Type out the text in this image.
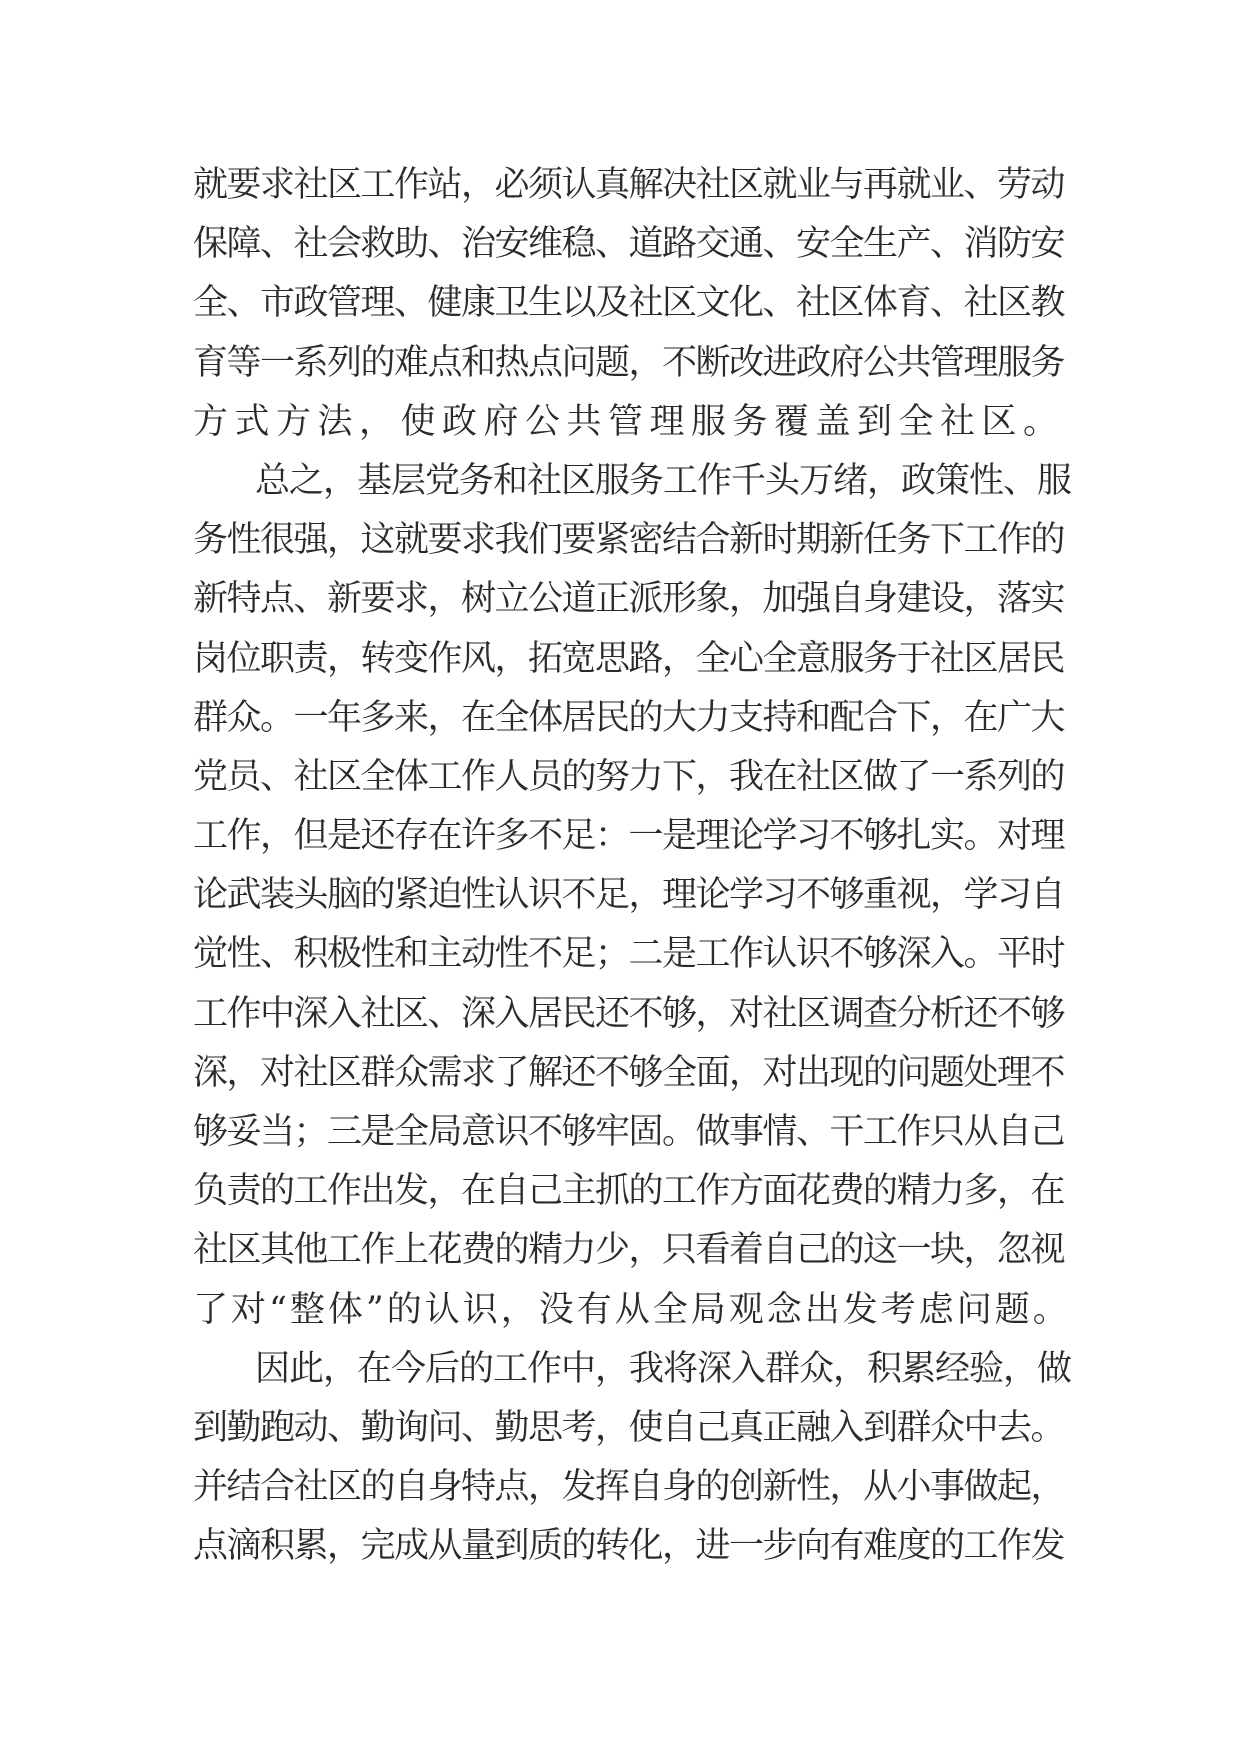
就要求社区工作站，必须认真解决社区就业与再就业、劳动
保障、社会救助、治安维稳、道路交通、安全生产、消防安
全、市政管理、健康卫生以及社区文化、社区体育、社区教
育等一系列的难点和热点问题，不断改进政府公共管理服务
方式方法，使政府公共管理服务覆盖到全社区。
总之，基层党务和社区服务工作千头万绪，政策性、服
务性很强，这就要求我们要紧密结合新时期新任务下工作的
新特点、新要求，树立公道正派形象，加强自身建设，落实
岗位职责，转变作风，拓宽思路，全心全意服务于社区居民
群众。一年多来，在全体居民的大力支持和配合下，在广大
党员、社区全体工作人员的努力下，我在社区做了一系列的
工作，但是还存在许多不足：一是理论学习不够扎实。对理
论武装头脑的紧迫性认识不足，理论学习不够重视，学习自
觉性、积极性和主动性不足；二是工作认识不够深入。平时
工作中深入社区、深入居民还不够，对社区调查分析还不够
深，对社区群众需求了解还不够全面，对出现的问题处理不
够妥当；三是全局意识不够牢固。做事情、干工作只从自己
负责的工作出发，在自己主抓的工作方面花费的精力多，在
社区其他工作上花费的精力少，只看着自己的这一块，忽视
了对“整体”的认识，没有从全局观念出发考虑问题。
因此，在今后的工作中，我将深入群众，积累经验，做
到勤跑动、勤询问、勤思考，使自己真正融入到群众中去。
并结合社区的自身特点，发挥自身的创新性，从小事做起，
点滴积累，完成从量到质的转化，进一步向有难度的工作发
